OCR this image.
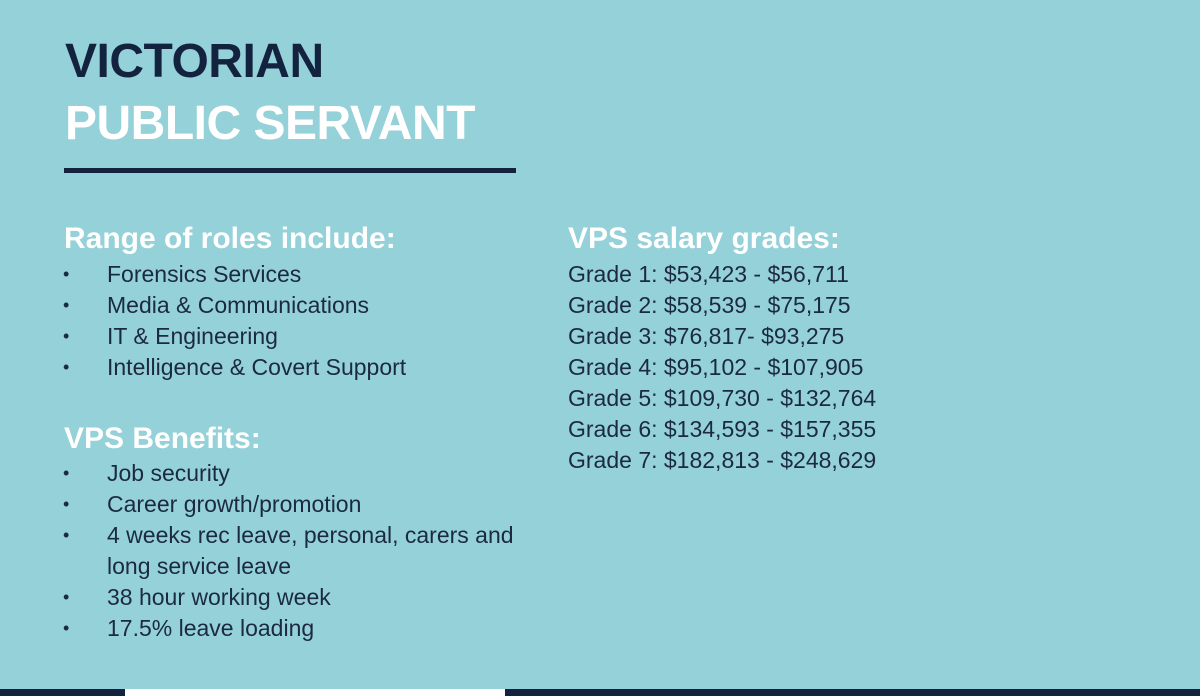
VICTORIAN
PUBLIC SERVANT
Range of roles include:
• Forensics Services
• Media & Communications
• IT & Engineering
• Intelligence & Covert Support
VPS Benefits:
• Job security
• Career growth/promotion
• 4 weeks rec leave, personal, carers and long service leave
• 38 hour working week
• 17.5% leave loading
VPS salary grades:
Grade 1: $53,423 - $56,711
Grade 2: $58,539 - $75,175
Grade 3: $76,817- $93,275
Grade 4: $95,102 - $107,905
Grade 5: $109,730 - $132,764
Grade 6: $134,593 - $157,355
Grade 7: $182,813 - $248,629
